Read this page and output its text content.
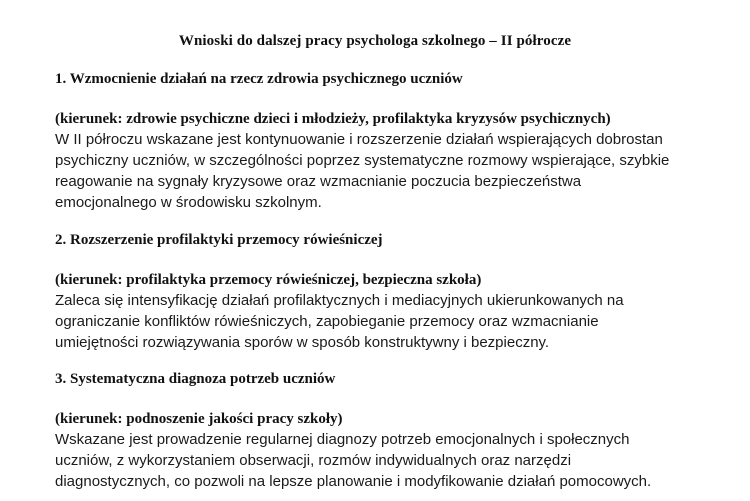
Wnioski do dalszej pracy psychologa szkolnego – II półrocze
1. Wzmocnienie działań na rzecz zdrowia psychicznego uczniów
(kierunek: zdrowie psychiczne dzieci i młodzieży, profilaktyka kryzysów psychicznych)
W II półroczu wskazane jest kontynuowanie i rozszerzenie działań wspierających dobrostan
psychiczny uczniów, w szczególności poprzez systematyczne rozmowy wspierające, szybkie
reagowanie na sygnały kryzysowe oraz wzmacnianie poczucia bezpieczeństwa
emocjonalnego w środowisku szkolnym.
2. Rozszerzenie profilaktyki przemocy rówieśniczej
(kierunek: profilaktyka przemocy rówieśniczej, bezpieczna szkoła)
Zaleca się intensyfikację działań profilaktycznych i mediacyjnych ukierunkowanych na
ograniczanie konfliktów rówieśniczych, zapobieganie przemocy oraz wzmacnianie
umiejętności rozwiązywania sporów w sposób konstruktywny i bezpieczny.
3. Systematyczna diagnoza potrzeb uczniów
(kierunek: podnoszenie jakości pracy szkoły)
Wskazane jest prowadzenie regularnej diagnozy potrzeb emocjonalnych i społecznych
uczniów, z wykorzystaniem obserwacji, rozmów indywidualnych oraz narzędzi
diagnostycznych, co pozwoli na lepsze planowanie i modyfikowanie działań pomocowych.
